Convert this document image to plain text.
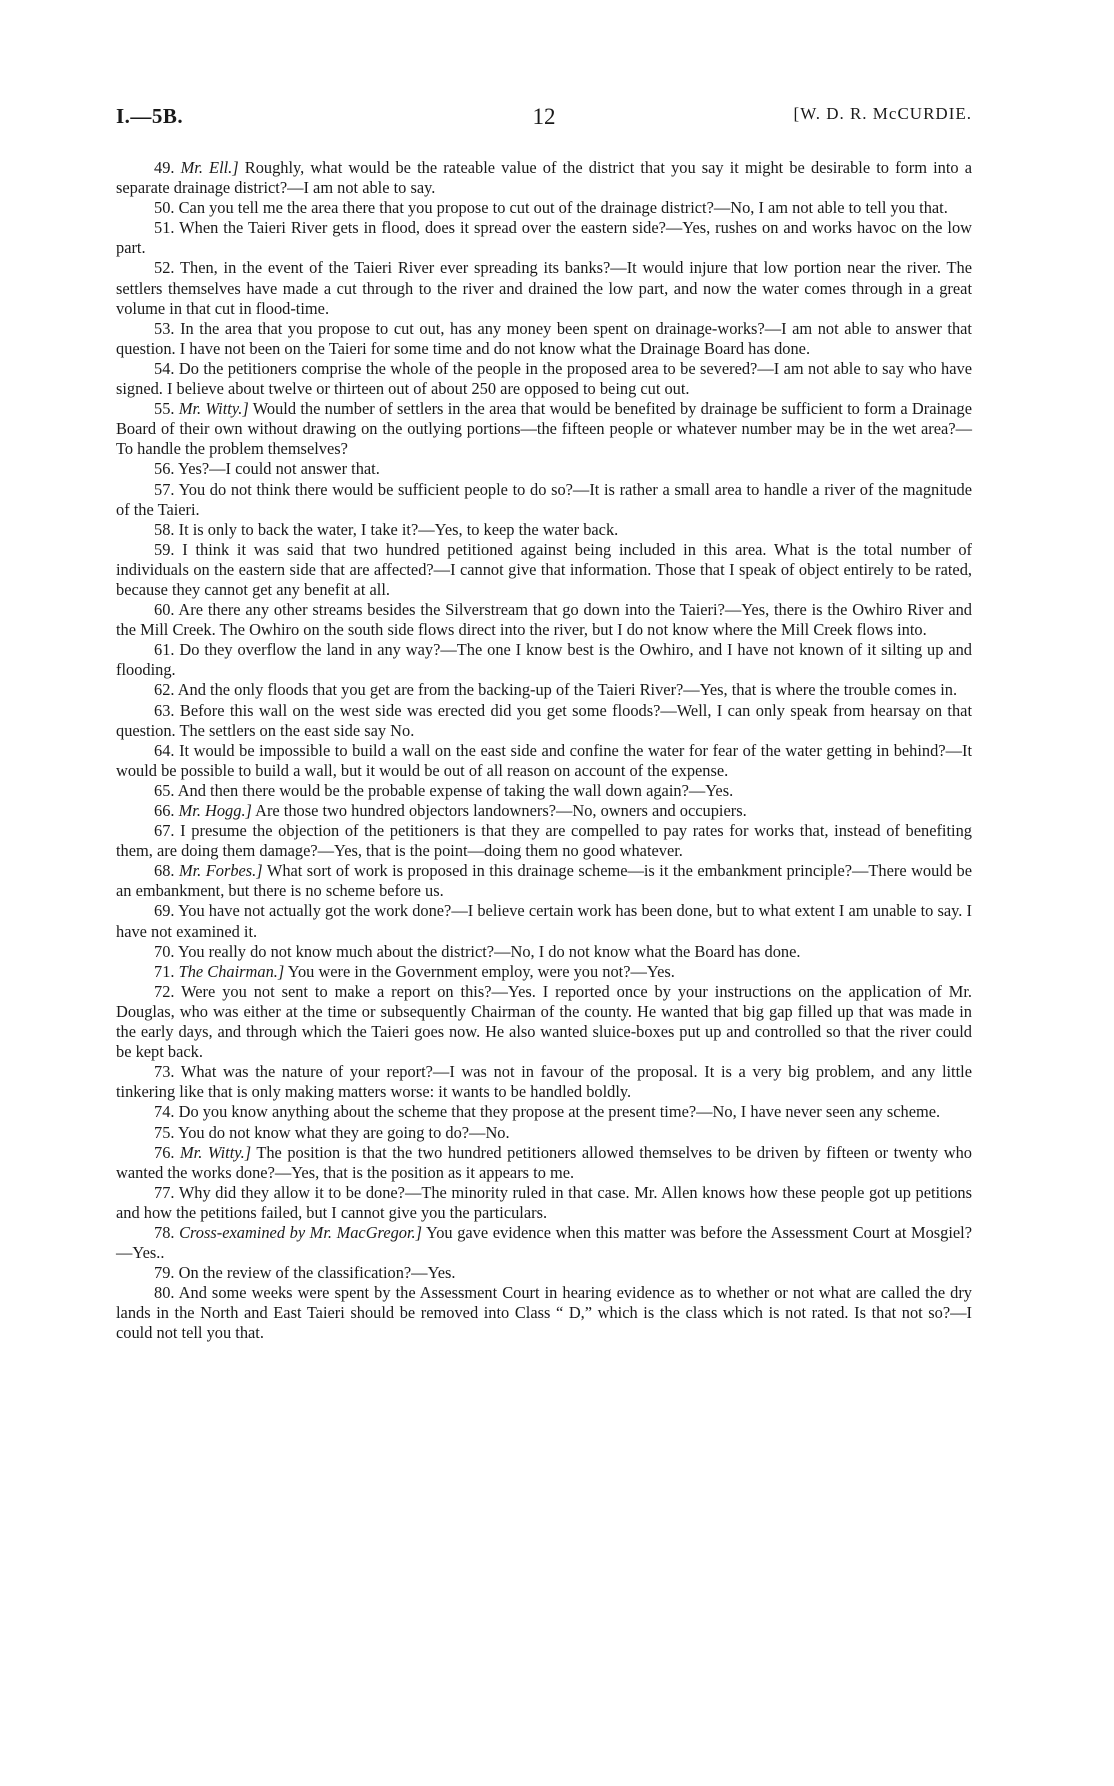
I.—5B.	12	[W. D. R. McCURDIE.

49. Mr. Ell.] Roughly, what would be the rateable value of the district that you say it might be desirable to form into a separate drainage district?—I am not able to say.

50. Can you tell me the area there that you propose to cut out of the drainage district?—No, I am not able to tell you that.

51. When the Taieri River gets in flood, does it spread over the eastern side?—Yes, rushes on and works havoc on the low part.

52. Then, in the event of the Taieri River ever spreading its banks?—It would injure that low portion near the river. The settlers themselves have made a cut through to the river and drained the low part, and now the water comes through in a great volume in that cut in flood-time.

53. In the area that you propose to cut out, has any money been spent on drainage-works?—I am not able to answer that question. I have not been on the Taieri for some time and do not know what the Drainage Board has done.

54. Do the petitioners comprise the whole of the people in the proposed area to be severed?—I am not able to say who have signed. I believe about twelve or thirteen out of about 250 are opposed to being cut out.

55. Mr. Witty.] Would the number of settlers in the area that would be benefited by drainage be sufficient to form a Drainage Board of their own without drawing on the outlying portions—the fifteen people or whatever number may be in the wet area?—To handle the problem themselves?

56. Yes?—I could not answer that.

57. You do not think there would be sufficient people to do so?—It is rather a small area to handle a river of the magnitude of the Taieri.

58. It is only to back the water, I take it?—Yes, to keep the water back.

59. I think it was said that two hundred petitioned against being included in this area. What is the total number of individuals on the eastern side that are affected?—I cannot give that information. Those that I speak of object entirely to be rated, because they cannot get any benefit at all.

60. Are there any other streams besides the Silverstream that go down into the Taieri?—Yes, there is the Owhiro River and the Mill Creek. The Owhiro on the south side flows direct into the river, but I do not know where the Mill Creek flows into.

61. Do they overflow the land in any way?—The one I know best is the Owhiro, and I have not known of it silting up and flooding.

62. And the only floods that you get are from the backing-up of the Taieri River?—Yes, that is where the trouble comes in.

63. Before this wall on the west side was erected did you get some floods?—Well, I can only speak from hearsay on that question. The settlers on the east side say No.

64. It would be impossible to build a wall on the east side and confine the water for fear of the water getting in behind?—It would be possible to build a wall, but it would be out of all reason on account of the expense.

65. And then there would be the probable expense of taking the wall down again?—Yes.

66. Mr. Hogg.] Are those two hundred objectors landowners?—No, owners and occupiers.

67. I presume the objection of the petitioners is that they are compelled to pay rates for works that, instead of benefiting them, are doing them damage?—Yes, that is the point—doing them no good whatever.

68. Mr. Forbes.] What sort of work is proposed in this drainage scheme—is it the embankment principle?—There would be an embankment, but there is no scheme before us.

69. You have not actually got the work done?—I believe certain work has been done, but to what extent I am unable to say. I have not examined it.

70. You really do not know much about the district?—No, I do not know what the Board has done.

71. The Chairman.] You were in the Government employ, were you not?—Yes.

72. Were you not sent to make a report on this?—Yes. I reported once by your instructions on the application of Mr. Douglas, who was either at the time or subsequently Chairman of the county. He wanted that big gap filled up that was made in the early days, and through which the Taieri goes now. He also wanted sluice-boxes put up and controlled so that the river could be kept back.

73. What was the nature of your report?—I was not in favour of the proposal. It is a very big problem, and any little tinkering like that is only making matters worse: it wants to be handled boldly.

74. Do you know anything about the scheme that they propose at the present time?—No, I have never seen any scheme.

75. You do not know what they are going to do?—No.

76. Mr. Witty.] The position is that the two hundred petitioners allowed themselves to be driven by fifteen or twenty who wanted the works done?—Yes, that is the position as it appears to me.

77. Why did they allow it to be done?—The minority ruled in that case. Mr. Allen knows how these people got up petitions and how the petitions failed, but I cannot give you the particulars.

78. Cross-examined by Mr. MacGregor.] You gave evidence when this matter was before the Assessment Court at Mosgiel?—Yes..

79. On the review of the classification?—Yes.

80. And some weeks were spent by the Assessment Court in hearing evidence as to whether or not what are called the dry lands in the North and East Taieri should be removed into Class “ D,” which is the class which is not rated. Is that not so?—I could not tell you that.
